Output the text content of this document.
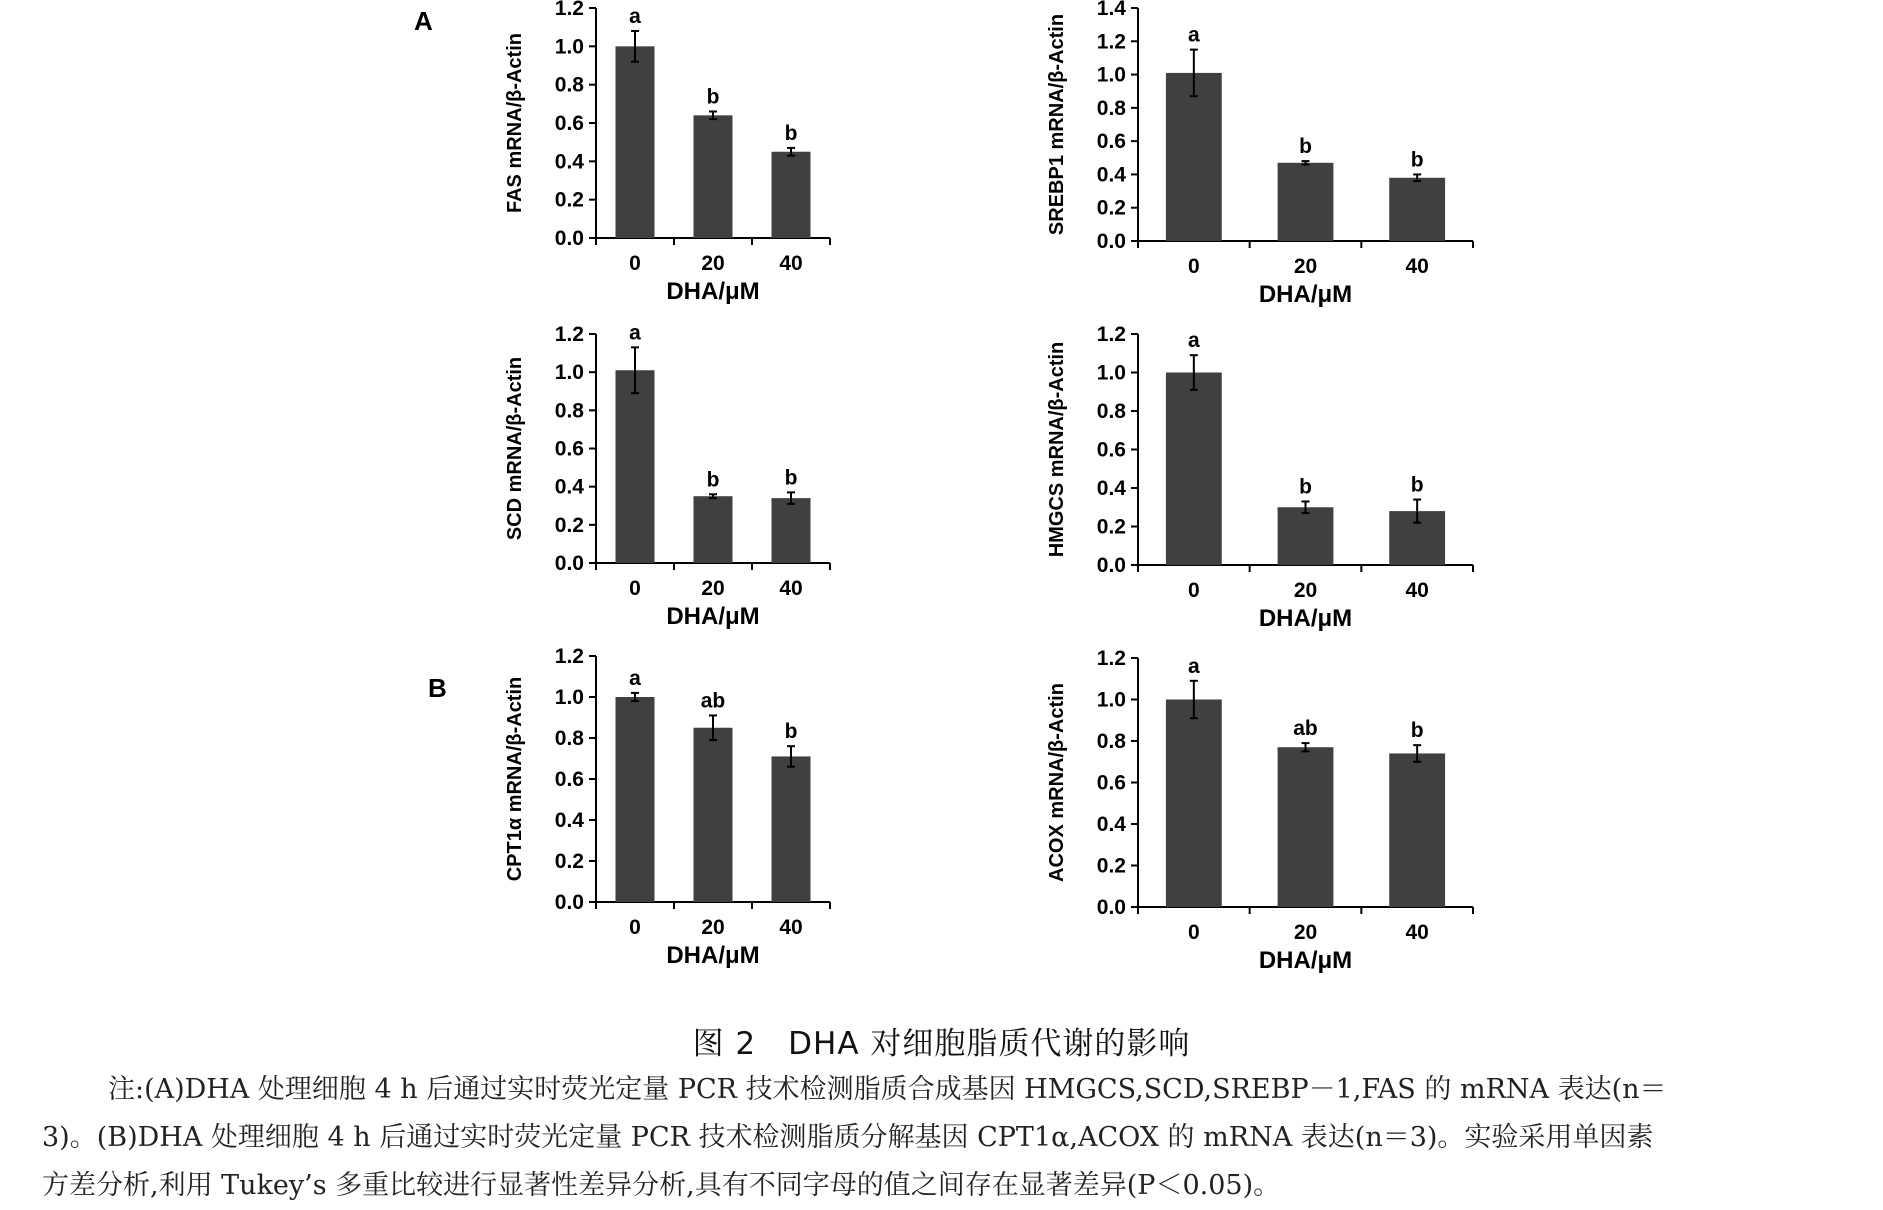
A
B
0.0
0.2
0.4
0.6
0.8
1.0
1.2 a
0
b
20
b
40
DHA/μM
FAS mRNA/β-Actin
0.0
0.2
0.4
0.6
0.8
1.0
1.2
1.4
a
0
b
20
b
40
DHA/μM
SREBP1 mRNA/β-Actin
0.0
0.2
0.4
0.6
0.8
1.0
1.2 a
0
b
20
b
40
DHA/μM
SCD mRNA/β-Actin
0.0
0.2
0.4
0.6
0.8
1.0
1.2	a
0
b
20
b
40
DHA/μM
HMGCS mRNA/β-Actin
0.0
0.2
0.4
0.6
0.8
1.0
1.2
a
0
ab
20
b
40
DHA/μM
CPT1α mRNA/β-Actin
0.0
0.2
0.4
0.6
0.8
1.0
1.2	a
0
ab
20
b
40
DHA/μM
ACOX mRNA/β-Actin
图 2　DHA 对细胞脂质代谢的影响
注:(A)DHA 处理细胞 4 h 后通过实时荧光定量 PCR 技术检测脂质合成基因 HMGCS,SCD,SREBP－1,FAS 的 mRNA 表达(n＝
3)。(B)DHA 处理细胞 4 h 后通过实时荧光定量 PCR 技术检测脂质分解基因 CPT1α,ACOX 的 mRNA 表达(n＝3)。实验采用单因素
方差分析,利用 Tukey’s 多重比较进行显著性差异分析,具有不同字母的值之间存在显著差异(P＜0.05)。
